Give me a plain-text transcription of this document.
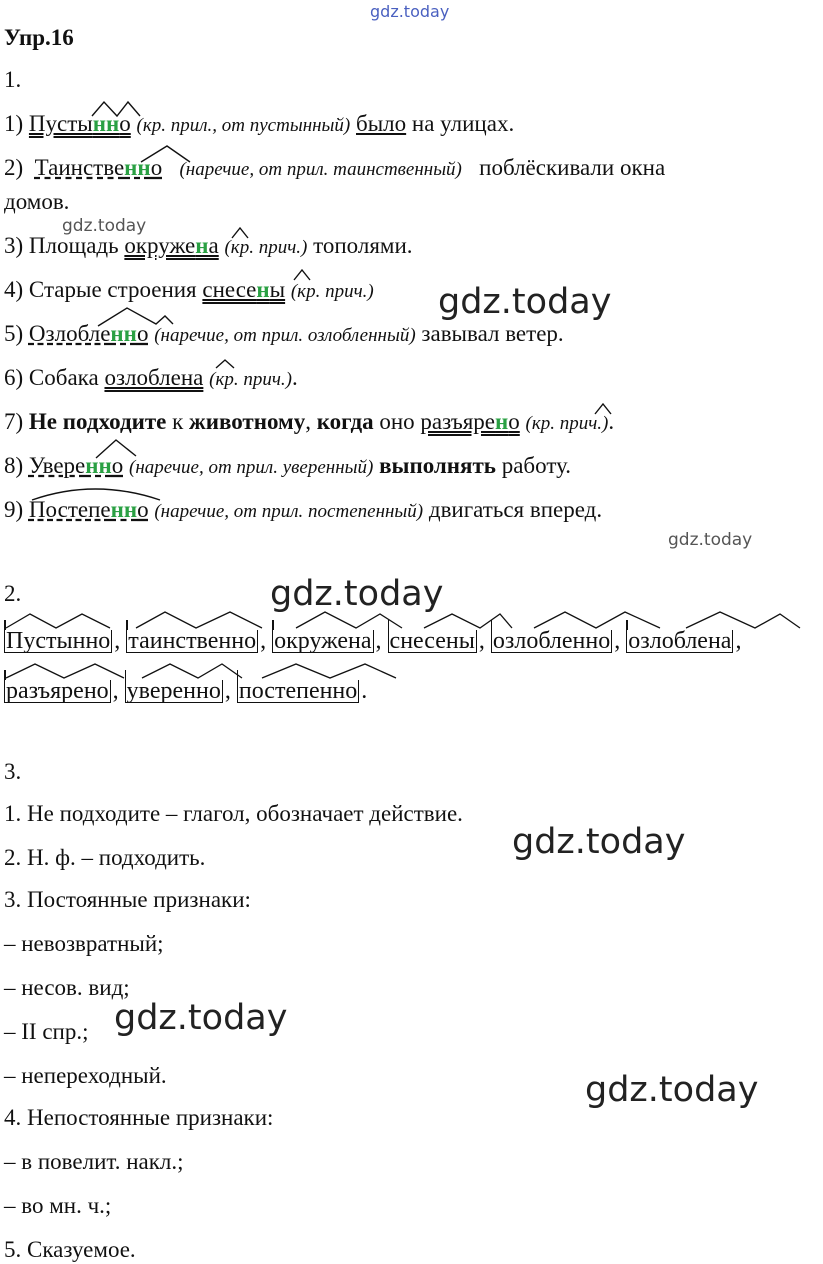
gdz.today
gdz.today
gdz.today
gdz.today
gdz.today
gdz.today
gdz.today
gdz.today
Упр.16
1.
1) Пустынно (кр. прил., от пустынный) было на улицах.
2) Таинственно (наречие, от прил. таинственный) поблёскивали окна
домов.
3) Площадь окружена (кр. прич.) тополями.
4) Старые строения снесены (кр. прич.)
5) Озлобленно (наречие, от прил. озлобленный) завывал ветер.
6) Собака озлоблена (кр. прич.).
7) Не подходите к животному, когда оно разъярено (кр. прич.).
8) Уверенно (наречие, от прил. уверенный) выполнять работу.
9) Постепенно (наречие, от прил. постепенный) двигаться вперед.
2.
Пустынно , таинственно , окружена , снесены , озлобленно , озлоблена ,
разъярено , уверенно , постепенно .
3.
1. Не подходите – глагол, обозначает действие.
2. Н. ф. – подходить.
3. Постоянные признаки:
– невозвратный;
– несов. вид;
– II спр.;
– непереходный.
4. Непостоянные признаки:
– в повелит. накл.;
– во мн. ч.;
5. Сказуемое.
